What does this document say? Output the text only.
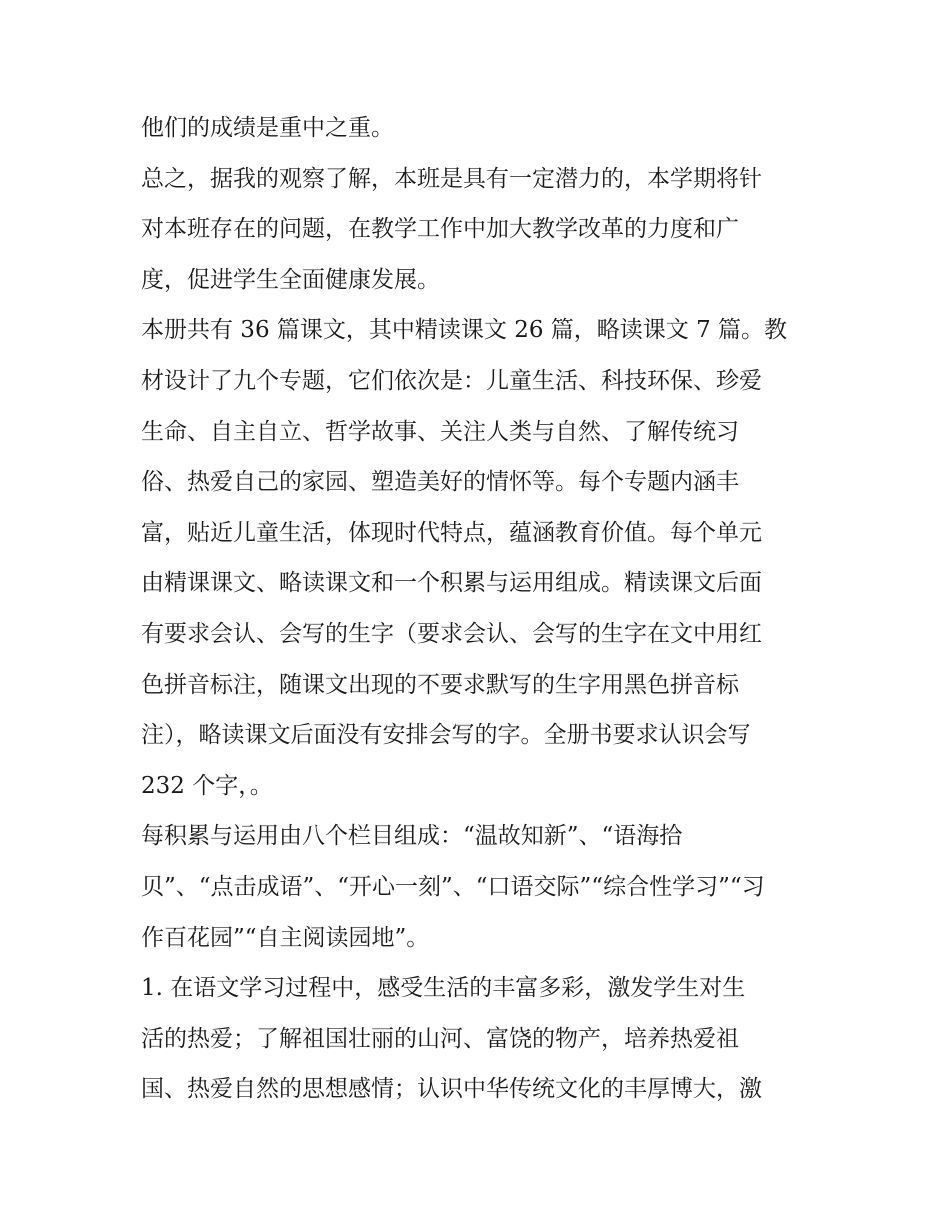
他们的成绩是重中之重。
总之，据我的观察了解，本班是具有一定潜力的，本学期将针
对本班存在的问题，在教学工作中加大教学改革的力度和广
度，促进学生全面健康发展。
本册共有 36 篇课文，其中精读课文 26 篇，略读课文 7 篇。教
材设计了九个专题，它们依次是：儿童生活、科技环保、珍爱
生命、自主自立、哲学故事、关注人类与自然、了解传统习
俗、热爱自己的家园、塑造美好的情怀等。每个专题内涵丰
富，贴近儿童生活，体现时代特点，蕴涵教育价值。每个单元
由精课课文、略读课文和一个积累与运用组成。精读课文后面
有要求会认、会写的生字（要求会认、会写的生字在文中用红
色拼音标注，随课文出现的不要求默写的生字用黑色拼音标
注），略读课文后面没有安排会写的字。全册书要求认识会写
232 个字，。
每积累与运用由八个栏目组成：“温故知新”、“语海拾
贝”、“点击成语”、“开心一刻”、“口语交际”“综合性学习”“习
作百花园”“自主阅读园地”。
1. 在语文学习过程中，感受生活的丰富多彩，激发学生对生
活的热爱；了解祖国壮丽的山河、富饶的物产，培养热爱祖
国、热爱自然的思想感情；认识中华传统文化的丰厚博大，激
